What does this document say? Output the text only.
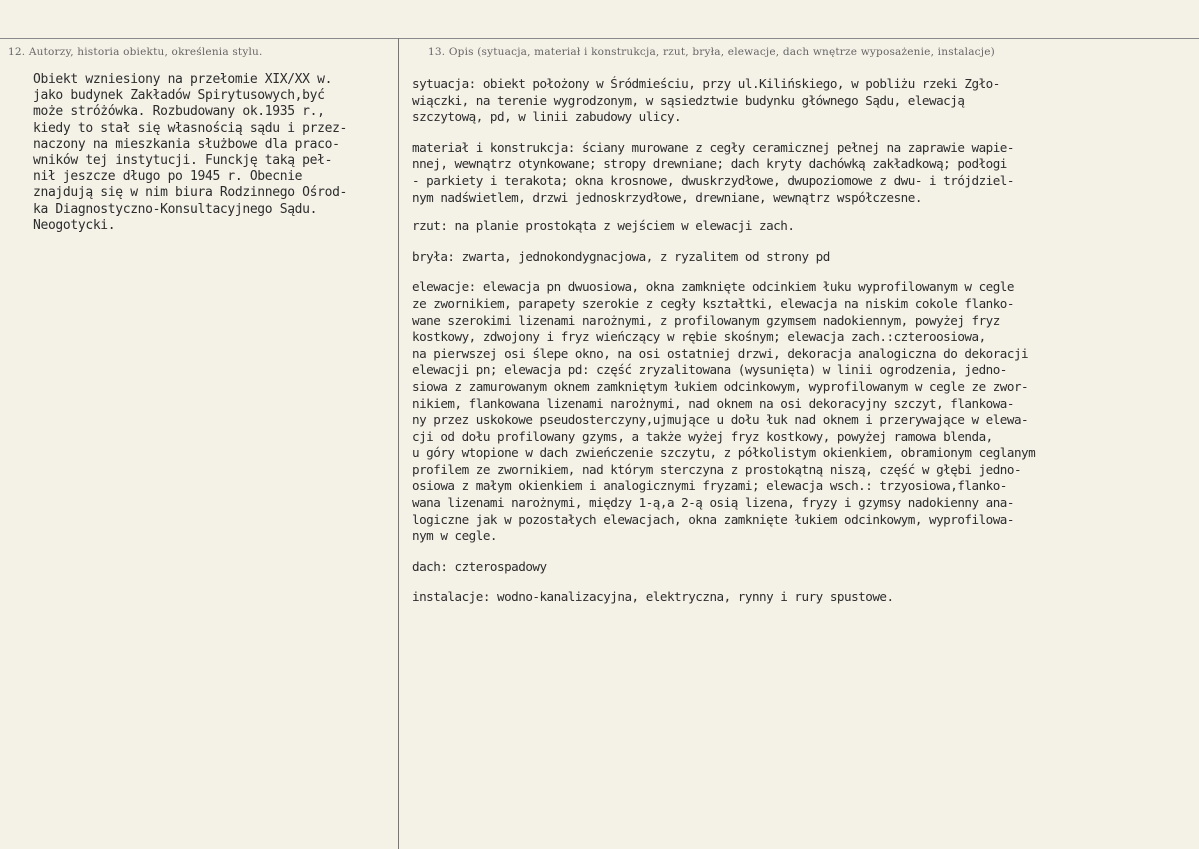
12. Autorzy, historia obiektu, określenia stylu.	13. Opis (sytuacja, materiał i konstrukcja, rzut, bryła, elewacje, dach wnętrze wyposażenie, instalacje)
Obiekt wzniesiony na przełomie XIX/XX w.
jako budynek Zakładów Spirytusowych,być
może stróżówka. Rozbudowany ok.1935 r.,
kiedy to stał się własnością sądu i przez-
naczony na mieszkania służbowe dla praco-
wników tej instytucji. Funckję taką peł-
nił jeszcze długo po 1945 r. Obecnie
znajdują się w nim biura Rodzinnego Ośrod-
ka Diagnostyczno-Konsultacyjnego Sądu.
Neogotycki.
sytuacja: obiekt położony w Śródmieściu, przy ul.Kilińskiego, w pobliżu rzeki Zgło-
wiączki, na terenie wygrodzonym, w sąsiedztwie budynku głównego Sądu, elewacją
szczytową, pd, w linii zabudowy ulicy.
materiał i konstrukcja: ściany murowane z cegły ceramicznej pełnej na zaprawie wapie-
nnej, wewnątrz otynkowane; stropy drewniane; dach kryty dachówką zakładkową; podłogi
- parkiety i terakota; okna krosnowe, dwuskrzydłowe, dwupoziomowe z dwu- i trójdziel-
nym nadświetlem, drzwi jednoskrzydłowe, drewniane, wewnątrz współczesne.
rzut: na planie prostokąta z wejściem w elewacji zach.
bryła: zwarta, jednokondygnacjowa, z ryzalitem od strony pd
elewacje: elewacja pn dwuosiowa, okna zamknięte odcinkiem łuku wyprofilowanym w cegle
ze zwornikiem, parapety szerokie z cegły kształtki, elewacja na niskim cokole flanko-
wane szerokimi lizenami narożnymi, z profilowanym gzymsem nadokiennym, powyżej fryz
kostkowy, zdwojony i fryz wieńczący w rębie skośnym; elewacja zach.:czteroosiowa,
na pierwszej osi ślepe okno, na osi ostatniej drzwi, dekoracja analogiczna do dekoracji
elewacji pn; elewacja pd: część zryzalitowana (wysunięta) w linii ogrodzenia, jedno-
siowa z zamurowanym oknem zamkniętym łukiem odcinkowym, wyprofilowanym w cegle ze zwor-
nikiem, flankowana lizenami narożnymi, nad oknem na osi dekoracyjny szczyt, flankowa-
ny przez uskokowe pseudosterczyny,ujmujące u dołu łuk nad oknem i przerywające w elewa-
cji od dołu profilowany gzyms, a także wyżej fryz kostkowy, powyżej ramowa blenda,
u góry wtopione w dach zwieńczenie szczytu, z półkolistym okienkiem, obramionym ceglanym
profilem ze zwornikiem, nad którym sterczyna z prostokątną niszą, część w głębi jedno-
osiowa z małym okienkiem i analogicznymi fryzami; elewacja wsch.: trzyosiowa,flanko-
wana lizenami narożnymi, między 1-ą,a 2-ą osią lizena, fryzy i gzymsy nadokienny ana-
logiczne jak w pozostałych elewacjach, okna zamknięte łukiem odcinkowym, wyprofilowa-
nym w cegle.
dach: czterospadowy
instalacje: wodno-kanalizacyjna, elektryczna, rynny i rury spustowe.
